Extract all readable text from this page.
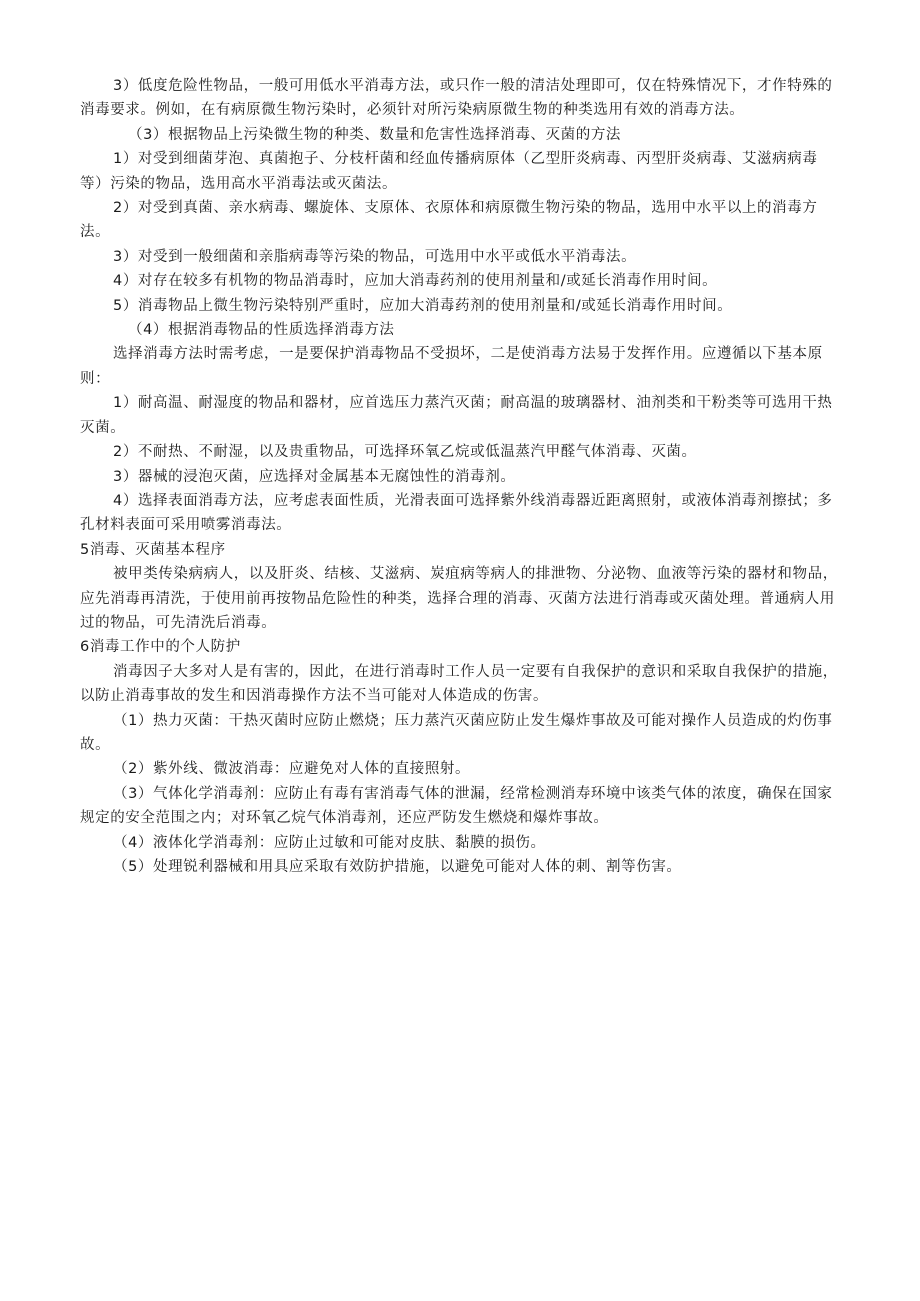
3）低度危险性物品，一般可用低水平消毒方法，或只作一般的清洁处理即可，仅在特殊情况下，才作特殊的消毒要求。例如，在有病原微生物污染时，必须针对所污染病原微生物的种类选用有效的消毒方法。

（3）根据物品上污染微生物的种类、数量和危害性选择消毒、灭菌的方法

1）对受到细菌芽泡、真菌抱子、分枝杆菌和经血传播病原体（乙型肝炎病毒、丙型肝炎病毒、艾滋病病毒等）污染的物品，选用高水平消毒法或灭菌法。

2）对受到真菌、亲水病毒、螺旋体、支原体、衣原体和病原微生物污染的物品，选用中水平以上的消毒方法。

3）对受到一般细菌和亲脂病毒等污染的物品，可选用中水平或低水平消毒法。

4）对存在较多有机物的物品消毒时，应加大消毒药剂的使用剂量和/或延长消毒作用时间。

5）消毒物品上微生物污染特别严重时，应加大消毒药剂的使用剂量和/或延长消毒作用时间。

（4）根据消毒物品的性质选择消毒方法

选择消毒方法时需考虑，一是要保护消毒物品不受损坏，二是使消毒方法易于发挥作用。应遵循以下基本原则：

1）耐高温、耐湿度的物品和器材，应首选压力蒸汽灭菌；耐高温的玻璃器材、油剂类和干粉类等可选用干热灭菌。

2）不耐热、不耐湿，以及贵重物品，可选择环氧乙烷或低温蒸汽甲醛气体消毒、灭菌。

3）器械的浸泡灭菌，应选择对金属基本无腐蚀性的消毒剂。

4）选择表面消毒方法，应考虑表面性质，光滑表面可选择紫外线消毒器近距离照射，或液体消毒剂擦拭；多孔材料表面可采用喷雾消毒法。

5消毒、灭菌基本程序

被甲类传染病病人，以及肝炎、结核、艾滋病、炭疽病等病人的排泄物、分泌物、血液等污染的器材和物品，应先消毒再清洗，于使用前再按物品危险性的种类，选择合理的消毒、灭菌方法进行消毒或灭菌处理。普通病人用过的物品，可先清洗后消毒。

6消毒工作中的个人防护

消毒因子大多对人是有害的，因此，在进行消毒时工作人员一定要有自我保护的意识和采取自我保护的措施，以防止消毒事故的发生和因消毒操作方法不当可能对人体造成的伤害。

（1）热力灭菌：干热灭菌时应防止燃烧；压力蒸汽灭菌应防止发生爆炸事故及可能对操作人员造成的灼伤事故。

（2）紫外线、微波消毒：应避免对人体的直接照射。

（3）气体化学消毒剂：应防止有毒有害消毒气体的泄漏，经常检测消寿环境中该类气体的浓度，确保在国家规定的安全范围之内；对环氧乙烷气体消毒剂，还应严防发生燃烧和爆炸事故。

（4）液体化学消毒剂：应防止过敏和可能对皮肤、黏膜的损伤。

（5）处理锐利器械和用具应采取有效防护措施，以避免可能对人体的刺、割等伤害。
